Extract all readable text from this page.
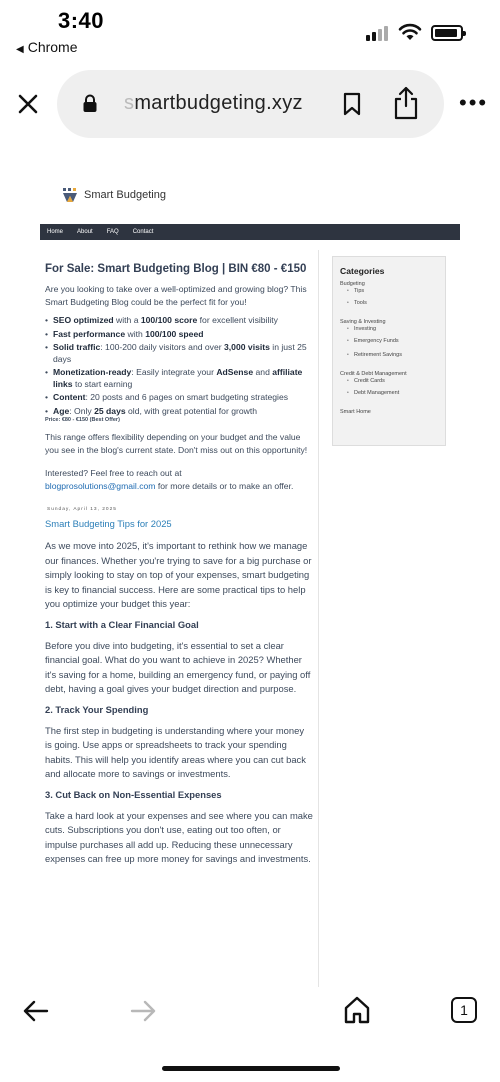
3:40
◀ Chrome
smartbudgeting.xyz	•••
Smart Budgeting
Home About FAQ Contact
For Sale: Smart Budgeting Blog | BIN €80 - €150
Are you looking to take over a well-optimized and growing blog? This Smart Budgeting Blog could be the perfect fit for you!
• SEO optimized with a 100/100 score for excellent visibility
• Fast performance with 100/100 speed
• Solid traffic: 100-200 daily visitors and over 3,000 visits in just 25 days
• Monetization-ready: Easily integrate your AdSense and affiliate links to start earning
• Content: 20 posts and 6 pages on smart budgeting strategies
• Age: Only 25 days old, with great potential for growth
Price: €80 - €150 (Best Offer)
This range offers flexibility depending on your budget and the value you see in the blog's current state. Don't miss out on this opportunity!
Interested? Feel free to reach out at
blogprosolutions@gmail.com for more details or to make an offer.
Sunday, April 13, 2025
Smart Budgeting Tips for 2025
As we move into 2025, it's important to rethink how we manage our finances. Whether you're trying to save for a big purchase or simply looking to stay on top of your expenses, smart budgeting is key to financial success. Here are some practical tips to help you optimize your budget this year:
1. Start with a Clear Financial Goal
Before you dive into budgeting, it's essential to set a clear financial goal. What do you want to achieve in 2025? Whether it's saving for a home, building an emergency fund, or paying off debt, having a goal gives your budget direction and purpose.
2. Track Your Spending
The first step in budgeting is understanding where your money is going. Use apps or spreadsheets to track your spending habits. This will help you identify areas where you can cut back and allocate more to savings or investments.
3. Cut Back on Non-Essential Expenses
Take a hard look at your expenses and see where you can make cuts. Subscriptions you don't use, eating out too often, or impulse purchases all add up. Reducing these unnecessary expenses can free up more money for savings and investments.
Categories
Budgeting
• Tips
• Tools
Saving & Investing
• Investing
• Emergency Funds
• Retirement Savings
Credit & Debt Management
• Credit Cards
• Debt Management
Smart Home
1
